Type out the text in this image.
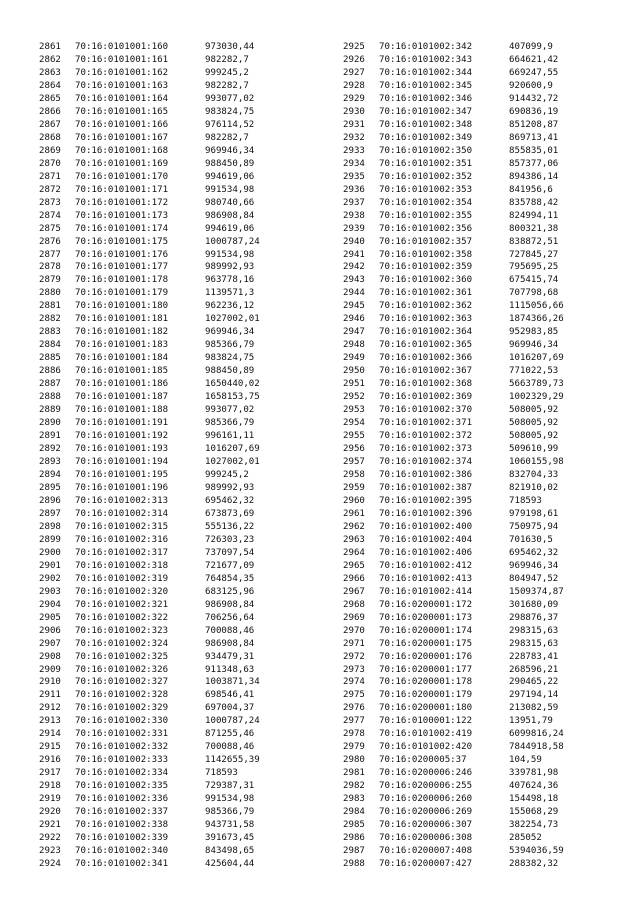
2861 70:16:0101001:160	973030,44
2862 70:16:0101001:161	982282,7
2863 70:16:0101001:162	999245,2
2864 70:16:0101001:163	982282,7
2865 70:16:0101001:164	993077,02
2866 70:16:0101001:165	983824,75
2867 70:16:0101001:166	976114,52
2868 70:16:0101001:167	982282,7
2869 70:16:0101001:168	969946,34
2870 70:16:0101001:169	988450,89
2871 70:16:0101001:170	994619,06
2872 70:16:0101001:171	991534,98
2873 70:16:0101001:172	980740,66
2874 70:16:0101001:173	986908,84
2875 70:16:0101001:174	994619,06
2876 70:16:0101001:175	1000787,24
2877 70:16:0101001:176	991534,98
2878 70:16:0101001:177	989992,93
2879 70:16:0101001:178	963778,16
2880 70:16:0101001:179	1139571,3
2881 70:16:0101001:180	962236,12
2882 70:16:0101001:181	1027002,01
2883 70:16:0101001:182	969946,34
2884 70:16:0101001:183	985366,79
2885 70:16:0101001:184	983824,75
2886 70:16:0101001:185	988450,89
2887 70:16:0101001:186	1650440,02
2888 70:16:0101001:187	1658153,75
2889 70:16:0101001:188	993077,02
2890 70:16:0101001:191	985366,79
2891 70:16:0101001:192	996161,11
2892 70:16:0101001:193	1016207,69
2893 70:16:0101001:194	1027002,01
2894 70:16:0101001:195	999245,2
2895 70:16:0101001:196	989992,93
2896 70:16:0101002:313	695462,32
2897 70:16:0101002:314	673873,69
2898 70:16:0101002:315	555136,22
2899 70:16:0101002:316	726303,23
2900 70:16:0101002:317	737097,54
2901 70:16:0101002:318	721677,09
2902 70:16:0101002:319	764854,35
2903 70:16:0101002:320	683125,96
2904 70:16:0101002:321	986908,84
2905 70:16:0101002:322	706256,64
2906 70:16:0101002:323	700088,46
2907 70:16:0101002:324	986908,84
2908 70:16:0101002:325	934479,31
2909 70:16:0101002:326	911348,63
2910 70:16:0101002:327	1003871,34
2911 70:16:0101002:328	698546,41
2912 70:16:0101002:329	697004,37
2913 70:16:0101002:330	1000787,24
2914 70:16:0101002:331	871255,46
2915 70:16:0101002:332	700088,46
2916 70:16:0101002:333	1142655,39
2917 70:16:0101002:334	718593
2918 70:16:0101002:335	729387,31
2919 70:16:0101002:336	991534,98
2920 70:16:0101002:337	985366,79
2921 70:16:0101002:338	943731,58
2922 70:16:0101002:339	391673,45
2923 70:16:0101002:340	843498,65
2924 70:16:0101002:341	425604,44
2925 70:16:0101002:342	407099,9
2926 70:16:0101002:343	664621,42
2927 70:16:0101002:344	669247,55
2928 70:16:0101002:345	920600,9
2929 70:16:0101002:346	914432,72
2930 70:16:0101002:347	690836,19
2931 70:16:0101002:348	851208,87
2932 70:16:0101002:349	869713,41
2933 70:16:0101002:350	855835,01
2934 70:16:0101002:351	857377,06
2935 70:16:0101002:352	894386,14
2936 70:16:0101002:353	841956,6
2937 70:16:0101002:354	835788,42
2938 70:16:0101002:355	824994,11
2939 70:16:0101002:356	800321,38
2940 70:16:0101002:357	838872,51
2941 70:16:0101002:358	727845,27
2942 70:16:0101002:359	795695,25
2943 70:16:0101002:360	675415,74
2944 70:16:0101002:361	707798,68
2945 70:16:0101002:362	1115056,66
2946 70:16:0101002:363	1874366,26
2947 70:16:0101002:364	952983,85
2948 70:16:0101002:365	969946,34
2949 70:16:0101002:366	1016207,69
2950 70:16:0101002:367	771022,53
2951 70:16:0101002:368	5663789,73
2952 70:16:0101002:369	1002329,29
2953 70:16:0101002:370	508005,92
2954 70:16:0101002:371	508005,92
2955 70:16:0101002:372	508005,92
2956 70:16:0101002:373	509610,99
2957 70:16:0101002:374	1060155,98
2958 70:16:0101002:386	832704,33
2959 70:16:0101002:387	821910,02
2960 70:16:0101002:395	718593
2961 70:16:0101002:396	979198,61
2962 70:16:0101002:400	750975,94
2963 70:16:0101002:404	701630,5
2964 70:16:0101002:406	695462,32
2965 70:16:0101002:412	969946,34
2966 70:16:0101002:413	804947,52
2967 70:16:0101002:414	1509374,87
2968 70:16:0200001:172	301680,09
2969 70:16:0200001:173	298876,37
2970 70:16:0200001:174	298315,63
2971 70:16:0200001:175	298315,63
2972 70:16:0200001:176	228783,41
2973 70:16:0200001:177	268596,21
2974 70:16:0200001:178	290465,22
2975 70:16:0200001:179	297194,14
2976 70:16:0200001:180	213082,59
2977 70:16:0100001:122	13951,79
2978 70:16:0101002:419	6099816,24
2979 70:16:0101002:420	7844918,58
2980 70:16:0200005:37	104,59
2981 70:16:0200006:246	339781,98
2982 70:16:0200006:255	407624,36
2983 70:16:0200006:260	154498,18
2984 70:16:0200006:269	155068,29
2985 70:16:0200006:307	382254,73
2986 70:16:0200006:308	285052
2987 70:16:0200007:408	5394036,59
2988 70:16:0200007:427	288382,32
